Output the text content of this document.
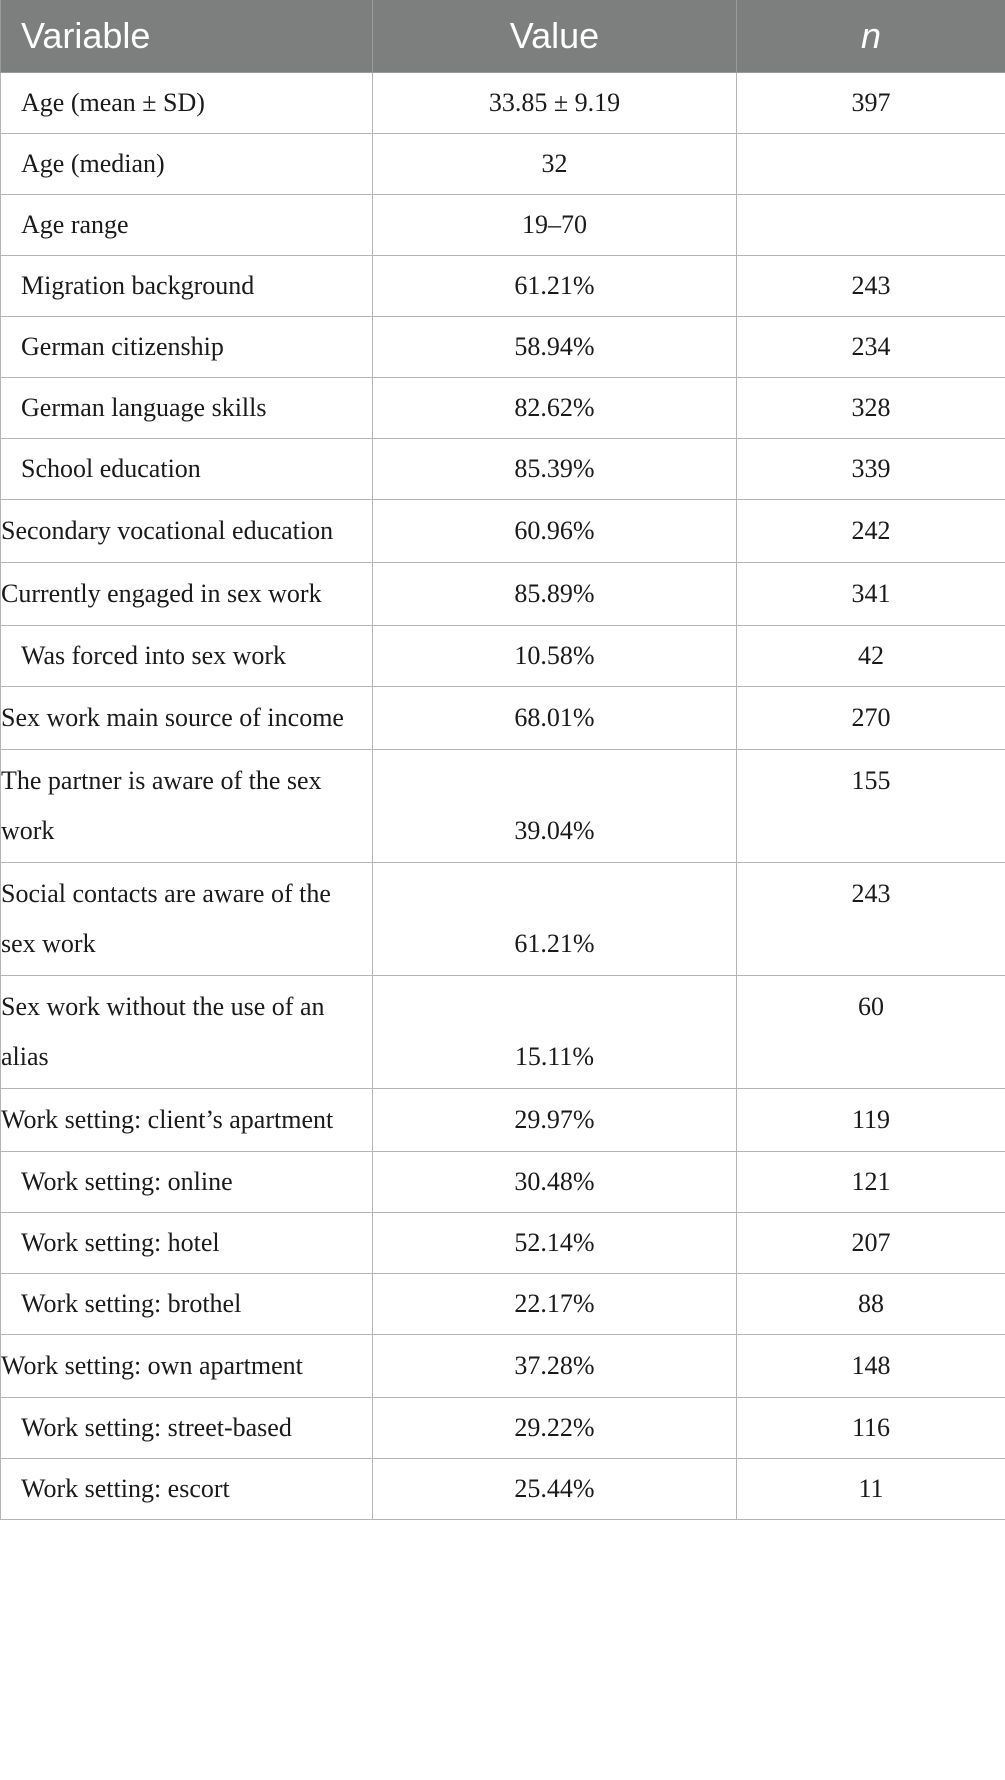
Variable	Value	n
Age (mean ± SD)	33.85 ± 9.19	397
Age (median)	32	
Age range	19–70	
Migration background	61.21%	243
German citizenship	58.94%	234
German language skills	82.62%	328
School education	85.39%	339
Secondary vocational education	60.96%	242
Currently engaged in sex work	85.89%	341
Was forced into sex work	10.58%	42
Sex work main source of income	68.01%	270
The partner is aware of the sex work	39.04%	155
Social contacts are aware of the sex work	61.21%	243
Sex work without the use of an alias	15.11%	60
Work setting: client’s apartment	29.97%	119
Work setting: online	30.48%	121
Work setting: hotel	52.14%	207
Work setting: brothel	22.17%	88
Work setting: own apartment	37.28%	148
Work setting: street-based	29.22%	116
Work setting: escort	25.44%	11
